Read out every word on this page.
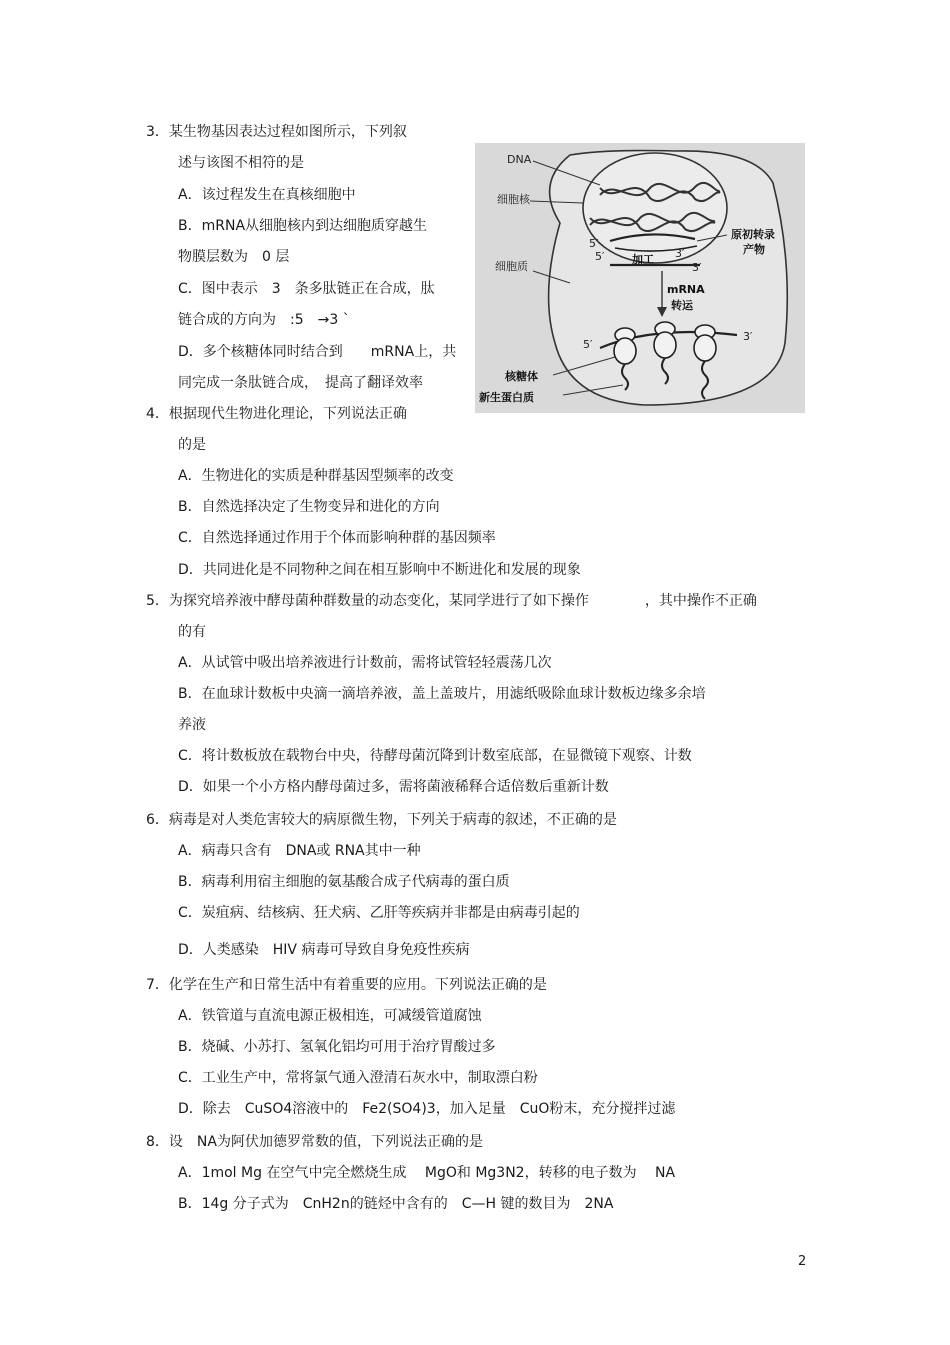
3．某生物基因表达过程如图所示，下列叙
述与该图不相符的是
A．该过程发生在真核细胞中
B．mRNA从细胞核内到达细胞质穿越生
物膜层数为　0 层
C．图中表示　3　条多肽链正在合成，肽
链合成的方向为　:5　→3 `
D．多个核糖体同时结合到　　mRNA上，共
同完成一条肽链合成，　提高了翻译效率
DNA
细胞核
细胞质
原初转录
产物
5′
5′	3′
3′
加工
mRNA
转运
5′
3′
核糖体
新生蛋白质
4．根据现代生物进化理论，下列说法正确
的是
A．生物进化的实质是种群基因型频率的改变
B．自然选择决定了生物变异和进化的方向
C．自然选择通过作用于个体而影响种群的基因频率
D．共同进化是不同物种之间在相互影响中不断进化和发展的现象
5．为探究培养液中酵母菌种群数量的动态变化，某同学进行了如下操作　　　　，其中操作不正确
的有
A．从试管中吸出培养液进行计数前，需将试管轻轻震荡几次
B．在血球计数板中央滴一滴培养液，盖上盖玻片，用滤纸吸除血球计数板边缘多余培
养液
C．将计数板放在载物台中央，待酵母菌沉降到计数室底部，在显微镜下观察、计数
D．如果一个小方格内酵母菌过多，需将菌液稀释合适倍数后重新计数
6．病毒是对人类危害较大的病原微生物，下列关于病毒的叙述，不正确的是
A．病毒只含有　DNA或 RNA其中一种
B．病毒利用宿主细胞的氨基酸合成子代病毒的蛋白质
C．炭疽病、结核病、狂犬病、乙肝等疾病并非都是由病毒引起的
D．人类感染　HIV 病毒可导致自身免疫性疾病
7．化学在生产和日常生活中有着重要的应用。下列说法正确的是
A．铁管道与直流电源正极相连，可减缓管道腐蚀
B．烧碱、小苏打、氢氧化铝均可用于治疗胃酸过多
C．工业生产中，常将氯气通入澄清石灰水中，制取漂白粉
D．除去　CuSO4溶液中的　Fe2(SO4)3，加入足量　CuO粉末，充分搅拌过滤
8．设　NA为阿伏加德罗常数的值，下列说法正确的是
A．1mol Mg 在空气中完全燃烧生成　 MgO和 Mg3N2，转移的电子数为　 NA
B．14g 分子式为　CnH2n的链烃中含有的　C—H 键的数目为　2NA
2
